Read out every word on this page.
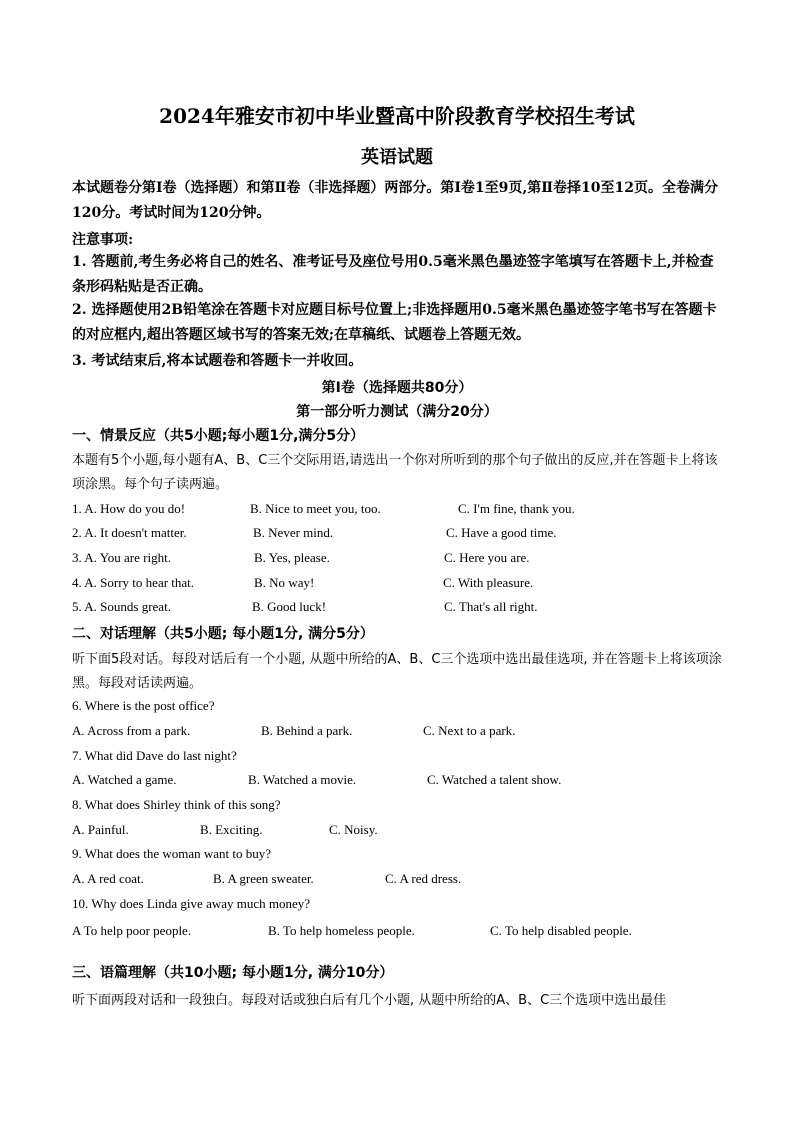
2024年雅安市初中毕业暨高中阶段教育学校招生考试
英语试题
本试题卷分第Ⅰ卷（选择题）和第Ⅱ卷（非选择题）两部分。第Ⅰ卷1至9页,第Ⅱ卷择10至12页。全卷满分120分。考试时间为120分钟。
注意事项:
1. 答题前,考生务必将自己的姓名、准考证号及座位号用0.5毫米黑色墨迹签字笔填写在答题卡上,并检查条形码粘贴是否正确。
2. 选择题使用2B铅笔涂在答题卡对应题目标号位置上;非选择题用0.5毫米黑色墨迹签字笔书写在答题卡的对应框内,超出答题区域书写的答案无效;在草稿纸、试题卷上答题无效。
3. 考试结束后,将本试题卷和答题卡一并收回。
第Ⅰ卷（选择题共80分）
第一部分听力测试（满分20分）
一、情景反应（共5小题;每小题1分,满分5分）
本题有5个小题,每小题有A、B、C三个交际用语,请选出一个你对所听到的那个句子做出的反应,并在答题卡上将该项涂黑。每个句子读两遍。
1. A. How do you do!	B. Nice to meet you, too.	C. I'm fine, thank you.
2. A. It doesn't matter.	B. Never mind.	C. Have a good time.
3. A. You are right.	B. Yes, please.	C. Here you are.
4. A. Sorry to hear that.	B. No way!	C. With pleasure.
5. A. Sounds great.	B. Good luck!	C. That's all right.
二、对话理解（共5小题; 每小题1分, 满分5分）
听下面5段对话。每段对话后有一个小题, 从题中所给的A、B、C三个选项中选出最佳选项, 并在答题卡上将该项涂黑。每段对话读两遍。
6. Where is the post office?
A. Across from a park.	B. Behind a park.	C. Next to a park.
7. What did Dave do last night?
A. Watched a game.	B. Watched a movie.	C. Watched a talent show.
8. What does Shirley think of this song?
A. Painful.	B. Exciting.	C. Noisy.
9. What does the woman want to buy?
A. A red coat.	B. A green sweater.	C. A red dress.
10. Why does Linda give away much money?
A To help poor people.	B. To help homeless people.	C. To help disabled people.
三、语篇理解（共10小题; 每小题1分, 满分10分）
听下面两段对话和一段独白。每段对话或独白后有几个小题, 从题中所给的A、B、C三个选项中选出最佳
